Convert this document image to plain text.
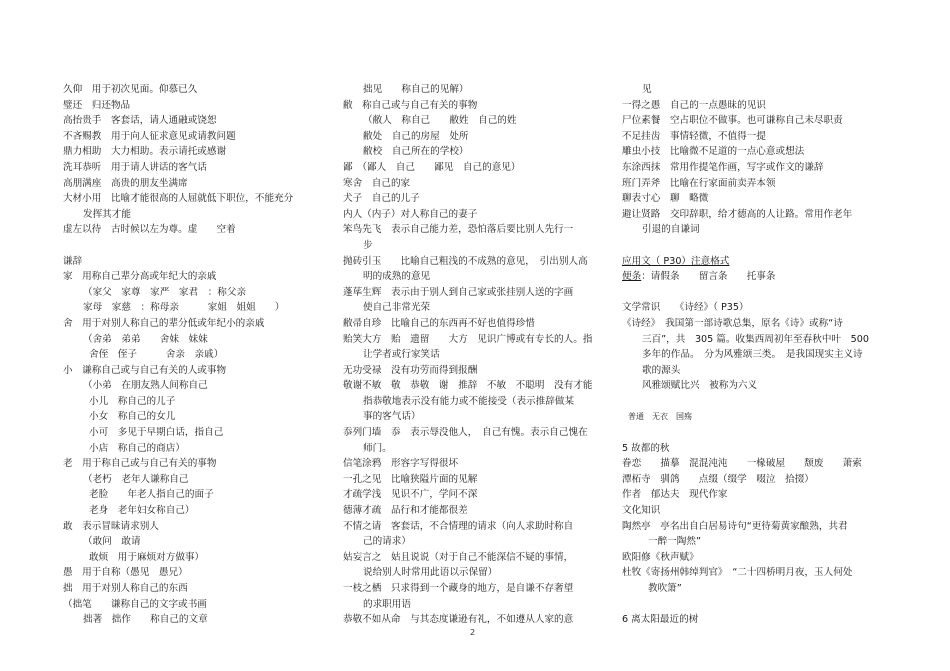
久仰　用于初次见面。仰慕已久
璧还　归还物品
高抬贵手　客套话，请人通融或饶恕
不吝赐教　用于向人征求意见或请教问题
鼎力相助　大力相助。表示请托或感谢
洗耳恭听　用于请人讲话的客气话
高朋满座　高贵的朋友坐满席
大材小用　比喻才能很高的人屈就低下职位，不能充分
发挥其才能
虚左以待　古时候以左为尊。虚　　空着
谦辞
家　用称自己辈分高或年纪大的亲戚
（家父　家尊　家严　家君　：称父亲
家母　家慈　：称母亲　　　家姐　姐姐　　）
舍　用于对别人称自己的辈分低或年纪小的亲戚
（舍弟　弟弟　　舍妹　妹妹
舍侄　侄子　　　舍亲　亲戚）
小　谦称自己或与自己有关的人或事物
（小弟　在朋友熟人间称自己
小儿　称自己的儿子
小女　称自己的女儿
小可　多见于早期白话，指自己
小店　称自己的商店）
老　用于称自己或与自己有关的事物
（老朽　老年人谦称自己
老脸　　年老人指自己的面子
老身　老年妇女称自己）
敢　表示冒昧请求别人
（敢问　敢请
敢烦　用于麻烦对方做事）
愚　用于自称（愚见　愚兄）
拙　用于对别人称自己的东西
（拙笔　　谦称自己的文字或书画
拙著　拙作　　称自己的文章
拙见　　称自己的见解）
敝　称自己或与自己有关的事物
（敝人　称自己　　敝姓　自己的姓
敝处　自己的房屋　处所
敝校　自己所在的学校）
鄙　（鄙人　自己　　鄙见　自己的意见）
寒舍　自己的家
犬子　自己的儿子
内人（内子）对人称自己的妻子
笨鸟先飞　表示自己能力差，恐怕落后要比别人先行一
步
抛砖引玉　　比喻自己粗浅的不成熟的意见，　引出别人高
明的成熟的意见
蓬荜生辉　表示由于别人到自己家或张挂别人送的字画
使自己非常光荣
敝帚自珍　比喻自己的东西再不好也值得珍惜
贻笑大方　贻　遗留　　大方　见识广博或有专长的人。指
让学者或行家笑话
无功受禄　没有功劳而得到报酬
敬谢不敏　敬　恭敬　谢　推辞　不敏　不聪明　没有才能
指恭敬地表示没有能力或不能接受（表示推辞做某
事的客气话）
忝列门墙　忝　表示辱没他人，　自己有愧。表示自己愧在
师门。
信笔涂鸦　形容字写得很坏
一孔之见　比喻狭隘片面的见解
才疏学浅　见识不广，学问不深
德薄才疏　品行和才能都很差
不情之请　客套话，不合情理的请求（向人求助时称自
己的请求）
姑妄言之　姑且说说（对于自己不能深信不疑的事情，
说给别人时常用此语以示保留）
一枝之栖　只求得到一个藏身的地方，是自谦不存奢望
的求职用语
恭敬不如从命　与其态度谦逊有礼，不如遵从人家的意
见
一得之愚　自己的一点愚昧的见识
尸位素餐　空占职位不做事。也可谦称自己未尽职责
不足挂齿　事情轻微，不值得一提
雕虫小技　比喻微不足道的一点心意或想法
东涂西抹　常用作提笔作画，写字或作文的谦辞
班门弄斧　比喻在行家面前卖弄本领
聊表寸心　聊　略微
避让贤路　交印辞职，给才德高的人让路。常用作老年
引退的自谦词
应用文（ P30）注意格式
便条：请假条　　留言条　　托事条
文学常识　　《诗经》（ P35）
《诗经》　我国第一部诗歌总集，原名《诗》或称“诗
三百”，共　305 篇。收集西周初年至春秋中叶　500
多年的作品。　分为风雅颂三类。　是我国现实主义诗
歌的源头
风雅颂赋比兴　被称为六义
普通　无衣　国殇
5 故都的秋
眷恋　　描摹　混混沌沌　　一椽破屋　　颓废　　萧索
潭柘寺　驯鸽　　点缀（缀学　啜泣　拾掇）
作者　郁达夫　现代作家
文化知识
陶然亭　亭名出自白居易诗句“更待菊黄家酿熟，共君
一醉一陶然”
欧阳修《秋声赋》
杜牧《寄扬州韩绰判官》　“二十四桥明月夜，玉人何处
教吹箫”
6 离太阳最近的树
2
